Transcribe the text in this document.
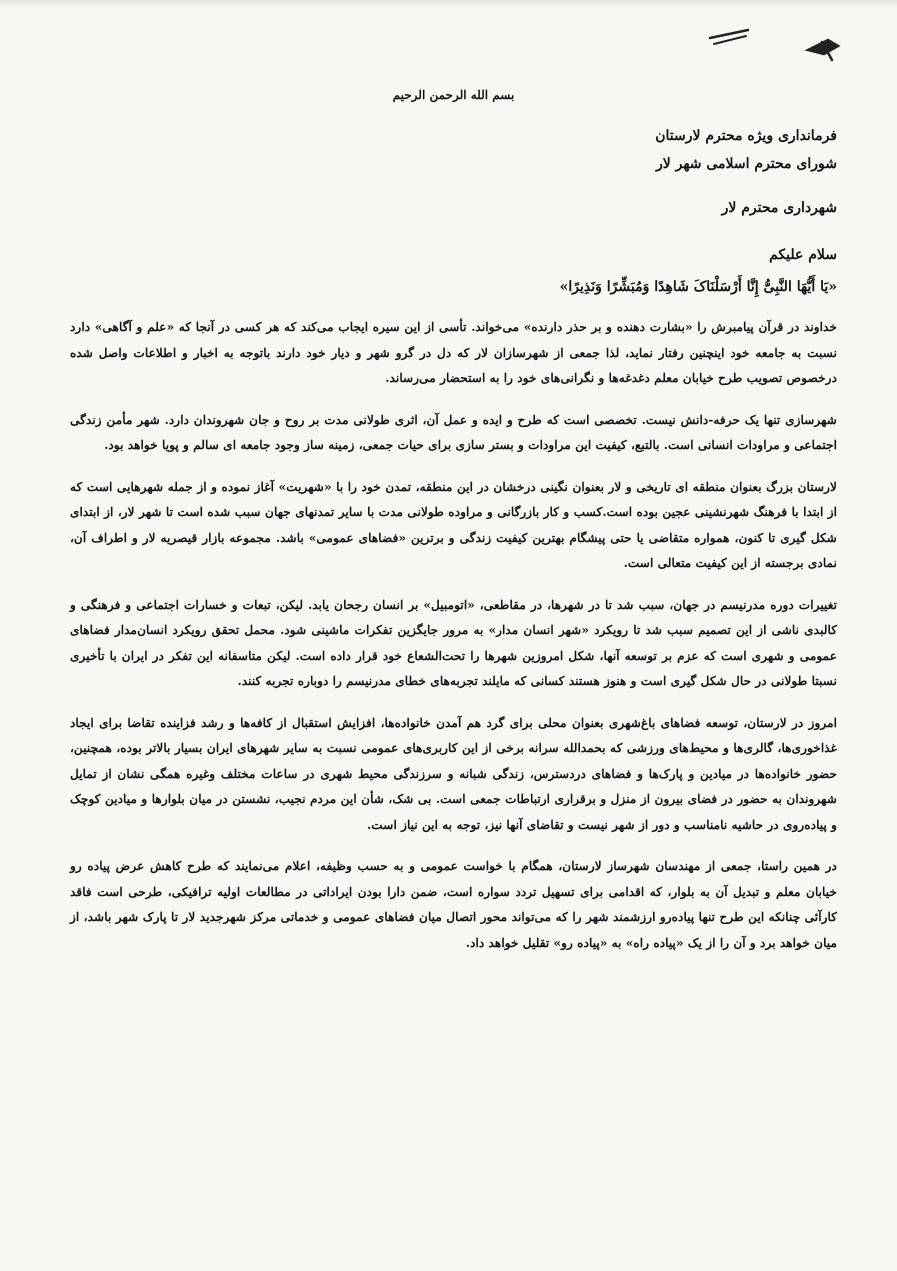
بسم الله الرحمن الرحیم

فرمانداری ویژه محترم لارستان

شورای محترم اسلامی شهر لار

شهرداری محترم لار

سلام علیکم

«یَا أَیُّهَا النَّبِیُّ إِنَّا أَرْسَلْنَاکَ شَاهِدًا وَمُبَشِّرًا وَنَذِیرًا»

خداوند در قرآن پیامبرش را «بشارت دهنده و بر حذر دارنده» می‌خواند. تأسی از این سیره ایجاب می‌کند که هر کسی در آنجا که «علم و آگاهی» دارد نسبت به جامعه خود اینچنین رفتار نماید، لذا جمعی از شهرسازان لار که دل در گرو شهر و دیار خود دارند باتوجه به اخبار و اطلاعات واصل شده درخصوص تصویب طرح خیابان معلم دغدغه‌ها و نگرانی‌های خود را به استحضار می‌رساند.

شهرسازی تنها یک حرفه-دانش نیست. تخصصی است که طرح و ایده و عمل آن، اثری طولانی مدت بر روح و جان شهروندان دارد. شهر مأمن زندگی اجتماعی و مراودات انسانی است. بالتبع، کیفیت این مراودات و بستر سازی برای حیات جمعی، زمینه ساز وجود جامعه ای سالم و پویا خواهد بود.

لارستان بزرگ بعنوان منطقه ای تاریخی و لار بعنوان نگینی درخشان در این منطقه، تمدن خود را با «شهریت» آغاز نموده و از جمله شهرهایی است که از ابتدا با فرهنگ شهرنشینی عجین بوده است.کسب و کار بازرگانی و مراوده طولانی مدت با سایر تمدنهای جهان سبب شده است تا شهر لار، از ابتدای شکل گیری تا کنون، همواره متقاضی یا حتی پیشگام بهترین کیفیت زندگی و برترین «فضاهای عمومی» باشد. مجموعه بازار قیصریه لار و اطراف آن، نمادی برجسته از این کیفیت متعالی است.

تغییرات دوره مدرنیسم در جهان، سبب شد تا در شهرها، در مقاطعی، «اتومبیل» بر انسان رجحان یابد. لیکن، تبعات و خسارات اجتماعی و فرهنگی و کالبدی ناشی از این تصمیم سبب شد تا رویکرد «شهر انسان مدار» به مرور جایگزین تفکرات ماشینی شود. محمل تحقق رویکرد انسان‌مدار فضاهای عمومی و شهری است که عزم بر توسعه آنها، شکل امروزین شهرها را تحت‌الشعاع خود قرار داده است. لیکن متاسفانه این تفکر در ایران با تأخیری نسبتا طولانی در حال شکل گیری است و هنوز هستند کسانی که مایلند تجربه‌های خطای مدرنیسم را دوباره تجربه کنند.

امروز در لارستان، توسعه فضاهای باغ‌شهری بعنوان محلی برای گرد هم آمدن خانواده‌ها، افزایش استقبال از کافه‌ها و رشد فزاینده تقاضا برای ایجاد غذاخوری‌ها، گالری‌ها و محیط‌های ورزشی که بحمدالله سرانه برخی از این کاربری‌های عمومی نسبت به سایر شهرهای ایران بسیار بالاتر بوده، همچنین، حضور خانواده‌ها در میادین و پارک‌ها و فضاهای دردسترس، زندگی شبانه و سرزندگی محیط شهری در ساعات مختلف وغیره همگی نشان از تمایل شهروندان به حضور در فضای بیرون از منزل و برقراری ارتباطات جمعی است. بی شک، شأن این مردم نجیب، نشستن در میان بلوارها و میادین کوچک و پیاده‌روی در حاشیه نامناسب و دور از شهر نیست و تقاضای آنها نیز، توجه به این نیاز است.

در همین راستا، جمعی از مهندسان شهرساز لارستان، همگام با خواست عمومی و به حسب وظیفه، اعلام می‌نمایند که طرح کاهش عرض پیاده رو خیابان معلم و تبدیل آن به بلوار، که اقدامی برای تسهیل تردد سواره است، ضمن دارا بودن ایراداتی در مطالعات اولیه ترافیکی، طرحی است فاقد کارآئی چنانکه این طرح تنها پیاده‌رو ارزشمند شهر را که می‌تواند محور اتصال میان فضاهای عمومی و خدماتی مرکز شهرجدید لار تا پارک شهر باشد، از میان خواهد برد و آن را از یک «پیاده راه» به «پیاده رو» تقلیل خواهد داد.
